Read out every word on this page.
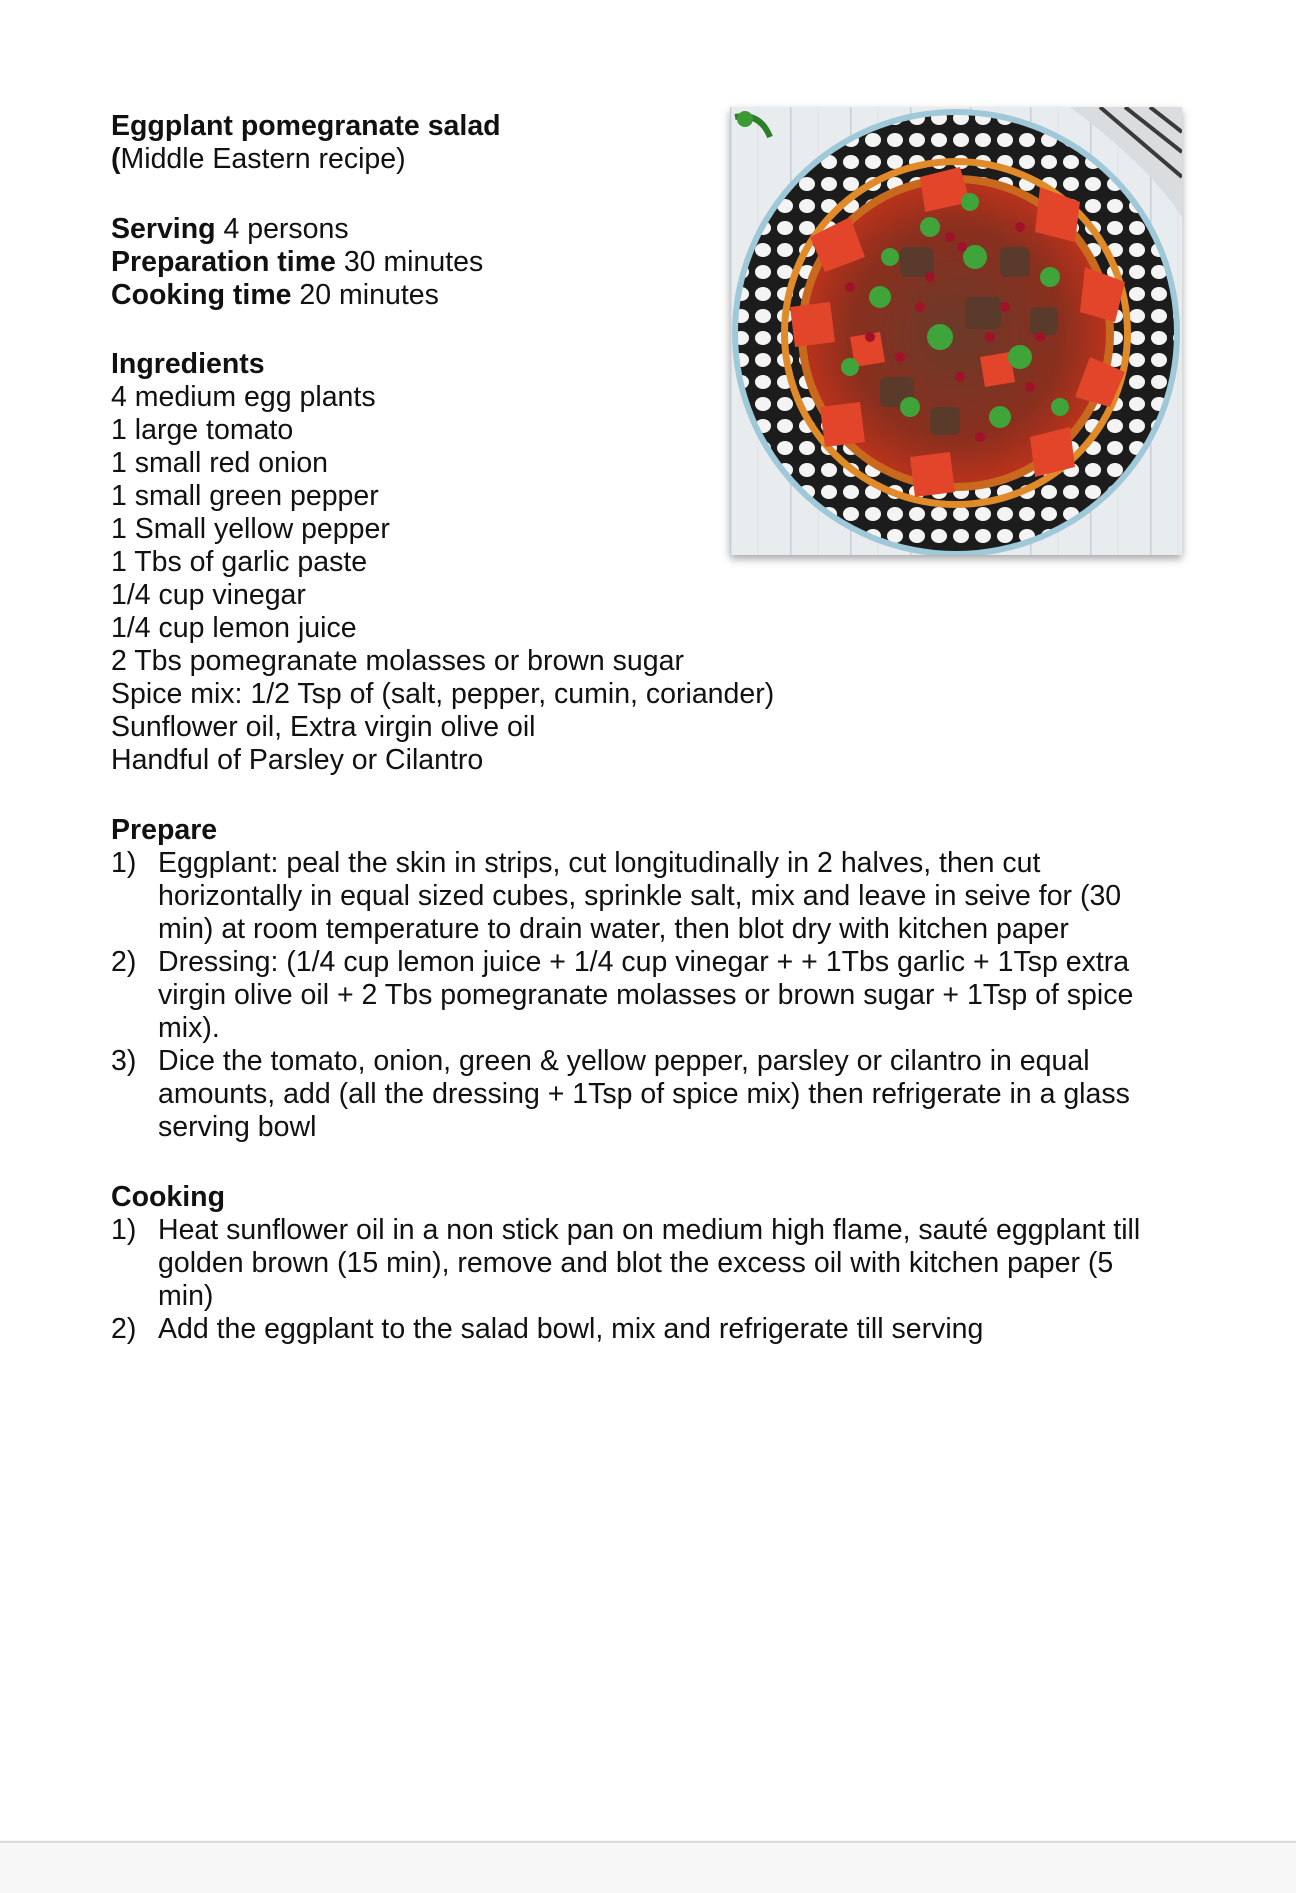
Eggplant pomegranate salad
(Middle Eastern recipe)
Serving 4 persons
Preparation time 30 minutes
Cooking time 20 minutes
Ingredients
4 medium egg plants
1 large tomato
1 small red onion
1 small green pepper
1 Small yellow pepper
1 Tbs of garlic paste
1/4 cup vinegar
1/4 cup lemon juice
2 Tbs pomegranate molasses or brown sugar
Spice mix: 1/2 Tsp of (salt, pepper, cumin, coriander)
Sunflower oil, Extra virgin olive oil
Handful of Parsley or Cilantro
Prepare
1) Eggplant: peal the skin in strips, cut longitudinally in 2 halves, then cut horizontally in equal sized cubes, sprinkle salt, mix and leave in seive for (30 min) at room temperature to drain water, then blot dry with kitchen paper
2) Dressing: (1/4 cup lemon juice + 1/4 cup vinegar + + 1Tbs garlic + 1Tsp extra virgin olive oil + 2 Tbs pomegranate molasses or brown sugar + 1Tsp of spice mix).
3) Dice the tomato, onion, green & yellow pepper, parsley or cilantro in equal amounts, add (all the dressing + 1Tsp of spice mix) then refrigerate in a glass serving bowl
Cooking
1) Heat sunflower oil in a non stick pan on medium high flame, sauté eggplant till golden brown (15 min), remove and blot the excess oil with kitchen paper (5 min)
2) Add the eggplant to the salad bowl, mix and refrigerate till serving
